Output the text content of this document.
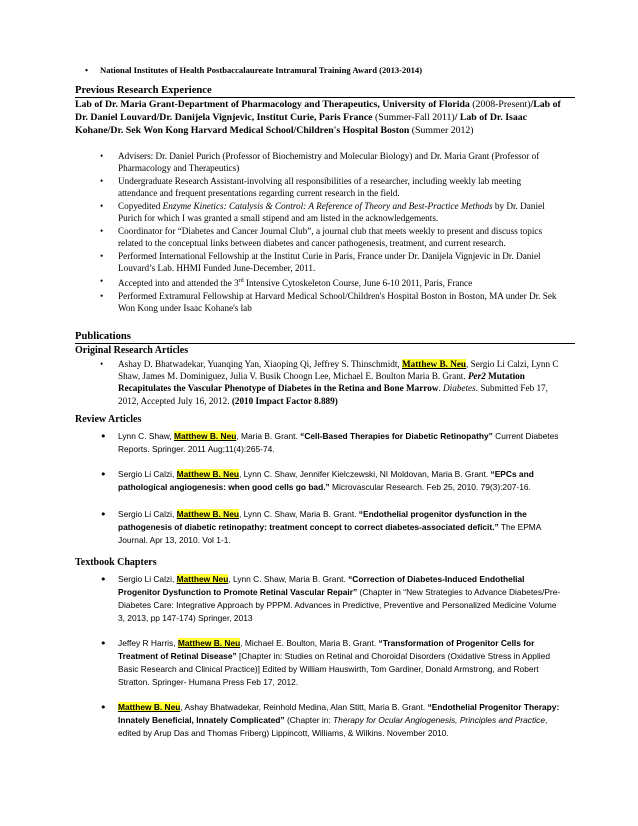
• National Institutes of Health Postbaccalaureate Intramural Training Award (2013-2014)
Previous Research Experience
Lab of Dr. Maria Grant-Department of Pharmacology and Therapeutics, University of Florida (2008-Present)/Lab of Dr. Daniel Louvard/Dr. Danijela Vignjevic, Institut Curie, Paris France (Summer-Fall 2011)/ Lab of Dr. Isaac Kohane/Dr. Sek Won Kong Harvard Medical School/Children's Hospital Boston (Summer 2012)
• Advisers: Dr. Daniel Purich (Professor of Biochemistry and Molecular Biology) and Dr. Maria Grant (Professor of Pharmacology and Therapeutics)
• Undergraduate Research Assistant-involving all responsibilities of a researcher, including weekly lab meeting attendance and frequent presentations regarding current research in the field.
• Copyedited Enzyme Kinetics: Catalysis & Control: A Reference of Theory and Best-Practice Methods by Dr. Daniel Purich for which I was granted a small stipend and am listed in the acknowledgements.
• Coordinator for “Diabetes and Cancer Journal Club”, a journal club that meets weekly to present and discuss topics related to the conceptual links between diabetes and cancer pathogenesis, treatment, and current research.
• Performed International Fellowship at the Institut Curie in Paris, France under Dr. Danijela Vignjevic in Dr. Daniel Louvard’s Lab. HHMI Funded June-December, 2011.
• Accepted into and attended the 3rd Intensive Cytoskeleton Course, June 6-10 2011, Paris, France
• Performed Extramural Fellowship at Harvard Medical School/Children's Hospital Boston in Boston, MA under Dr. Sek Won Kong under Isaac Kohane's lab
Publications
Original Research Articles
• Ashay D. Bhatwadekar, Yuanqing Yan, Xiaoping Qi, Jeffrey S. Thinschmidt, Matthew B. Neu, Sergio Li Calzi, Lynn C Shaw, James M. Dominiguez, Julia V. Busik Choogn Lee, Michael E. Boulton Maria B. Grant. Per2 Mutation Recapitulates the Vascular Phenotype of Diabetes in the Retina and Bone Marrow. Diabetes. Submitted Feb 17, 2012, Accepted July 16, 2012. (2010 Impact Factor 8.889)
Review Articles
• Lynn C. Shaw, Matthew B. Neu, Maria B. Grant. “Cell-Based Therapies for Diabetic Retinopathy” Current Diabetes Reports. Springer. 2011 Aug;11(4):265-74.
• Sergio Li Calzi, Matthew B. Neu, Lynn C. Shaw, Jennifer Kielczewski, NI Moldovan, Maria B. Grant. “EPCs and pathological angiogenesis: when good cells go bad.” Microvascular Research. Feb 25, 2010. 79(3):207-16.
• Sergio Li Calzi, Matthew B. Neu, Lynn C. Shaw, Maria B. Grant. “Endothelial progenitor dysfunction in the pathogenesis of diabetic retinopathy: treatment concept to correct diabetes-associated deficit.” The EPMA Journal. Apr 13, 2010. Vol 1-1.
Textbook Chapters
• Sergio Li Calzi, Matthew Neu, Lynn C. Shaw, Maria B. Grant. “Correction of Diabetes-Induced Endothelial Progenitor Dysfunction to Promote Retinal Vascular Repair” (Chapter in “New Strategies to Advance Diabetes/Pre-Diabetes Care: Integrative Approach by PPPM. Advances in Predictive, Preventive and Personalized Medicine Volume 3, 2013, pp 147-174) Springer, 2013
• Jeffey R Harris, Matthew B. Neu, Michael E. Boulton, Maria B. Grant. “Transformation of Progenitor Cells for Treatment of Retinal Disease” [Chapter in: Studies on Retinal and Choroidal Disorders (Oxidative Stress in Applied Basic Research and Clinical Practice)] Edited by William Hauswirth, Tom Gardiner, Donald Armstrong, and Robert Stratton. Springer- Humana Press Feb 17, 2012.
• Matthew B. Neu, Ashay Bhatwadekar, Reinhold Medina, Alan Stitt, Maria B. Grant. “Endothelial Progenitor Therapy: Innately Beneficial, Innately Complicated” (Chapter in: Therapy for Ocular Angiogenesis, Principles and Practice, edited by Arup Das and Thomas Friberg) Lippincott, Williams, & Wilkins. November 2010.
